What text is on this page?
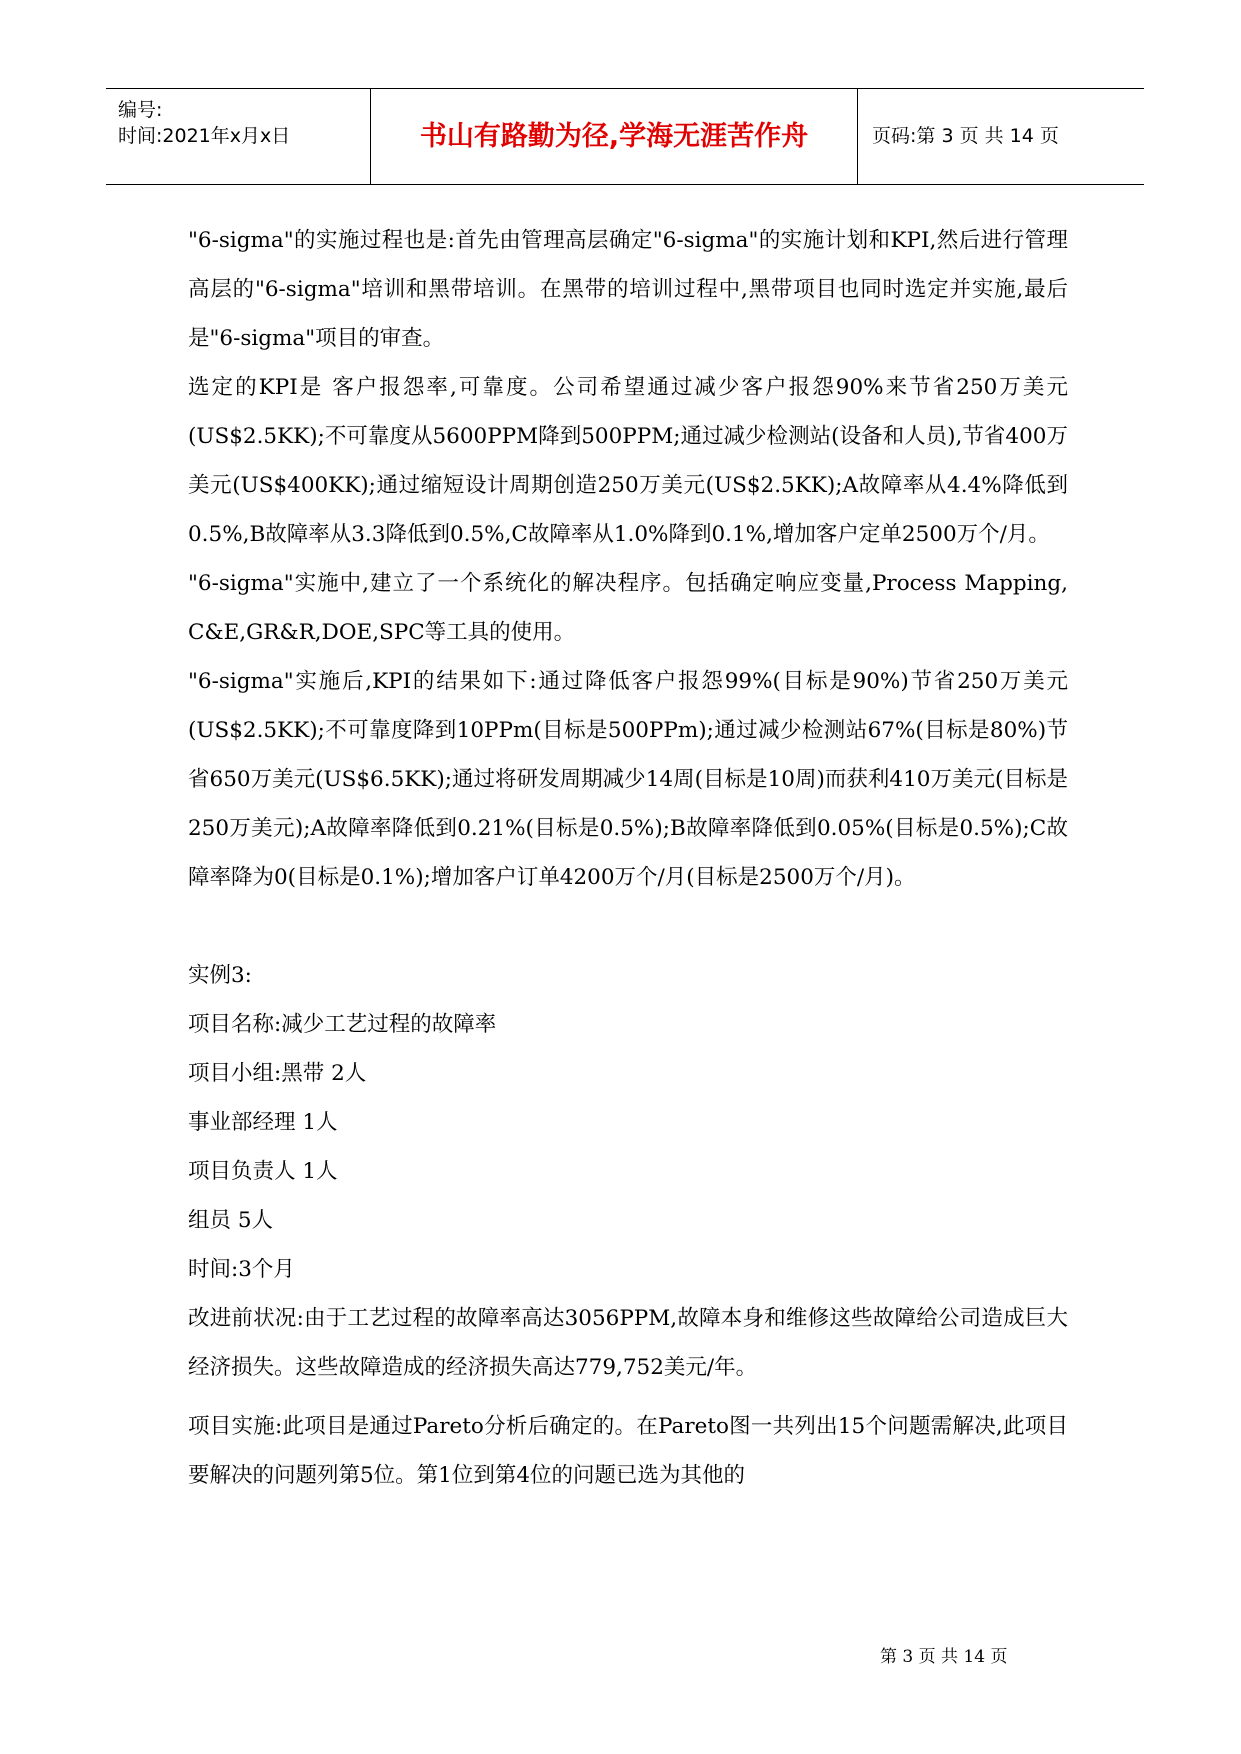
编号:
时间:2021年x月x日	书山有路勤为径,学海无涯苦作舟	页码:第 3 页 共 14 页

"6-sigma"的实施过程也是:首先由管理高层确定"6-sigma"的实施计划和KPI,然后进行管理高层的"6-sigma"培训和黑带培训。在黑带的培训过程中,黑带项目也同时选定并实施,最后是"6-sigma"项目的审查。

选定的KPI是 客户报怨率,可靠度。公司希望通过减少客户报怨90%来节省250万美元(US$2.5KK);不可靠度从5600PPM降到500PPM;通过减少检测站(设备和人员),节省400万美元(US$400KK);通过缩短设计周期创造250万美元(US$2.5KK);A故障率从4.4%降低到0.5%,B故障率从3.3降低到0.5%,C故障率从1.0%降到0.1%,增加客户定单2500万个/月。

"6-sigma"实施中,建立了一个系统化的解决程序。包括确定响应变量,Process Mapping, C&E,GR&R,DOE,SPC等工具的使用。

"6-sigma"实施后,KPI的结果如下:通过降低客户报怨99%(目标是90%)节省250万美元(US$2.5KK);不可靠度降到10PPm(目标是500PPm);通过减少检测站67%(目标是80%)节省650万美元(US$6.5KK);通过将研发周期减少14周(目标是10周)而获利410万美元(目标是250万美元);A故障率降低到0.21%(目标是0.5%);B故障率降低到0.05%(目标是0.5%);C故障率降为0(目标是0.1%);增加客户订单4200万个/月(目标是2500万个/月)。

实例3:

项目名称:减少工艺过程的故障率

项目小组:黑带 2人

事业部经理 1人

项目负责人 1人

组员 5人

时间:3个月

改进前状况:由于工艺过程的故障率高达3056PPM,故障本身和维修这些故障给公司造成巨大经济损失。这些故障造成的经济损失高达779,752美元/年。

项目实施:此项目是通过Pareto分析后确定的。在Pareto图一共列出15个问题需解决,此项目要解决的问题列第5位。第1位到第4位的问题已选为其他的

第 3 页 共 14 页
